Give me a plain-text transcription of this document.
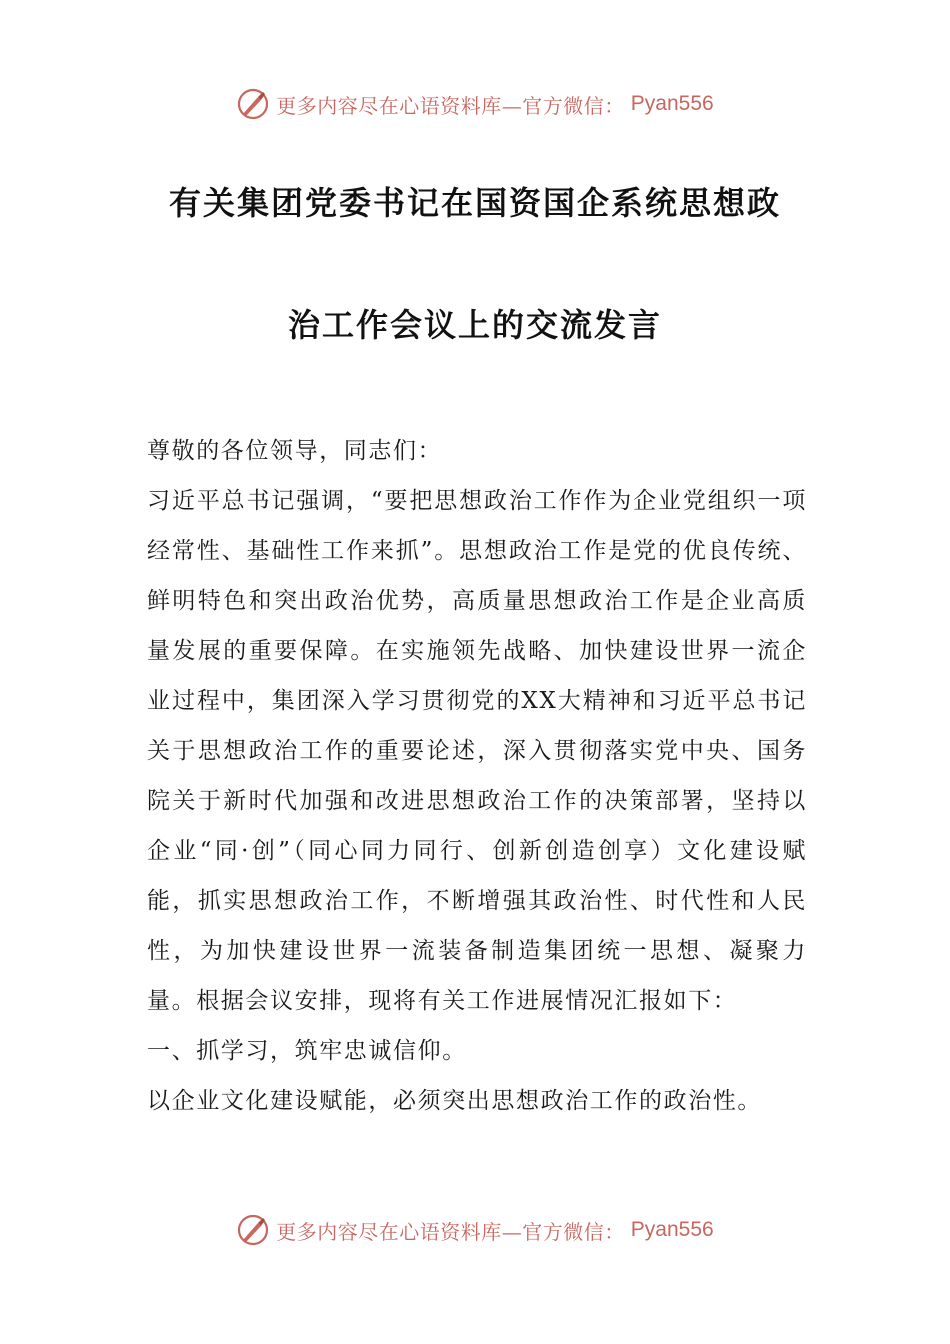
更多内容尽在心语资料库—官方微信： Pyan556
有关集团党委书记在国资国企系统思想政
治工作会议上的交流发言

尊敬的各位领导，同志们：

习近平总书记强调，“要把思想政治工作作为企业党组织一项经常性、基础性工作来抓”。思想政治工作是党的优良传统、鲜明特色和突出政治优势，高质量思想政治工作是企业高质量发展的重要保障。在实施领先战略、加快建设世界一流企业过程中，集团深入学习贯彻党的XX大精神和习近平总书记关于思想政治工作的重要论述，深入贯彻落实党中央、国务院关于新时代加强和改进思想政治工作的决策部署，坚持以企业“同·创”（同心同力同行、创新创造创享）文化建设赋能，抓实思想政治工作，不断增强其政治性、时代性和人民性，为加快建设世界一流装备制造集团统一思想、凝聚力量。根据会议安排，现将有关工作进展情况汇报如下：

一、抓学习，筑牢忠诚信仰。

以企业文化建设赋能，必须突出思想政治工作的政治性。

更多内容尽在心语资料库—官方微信： Pyan556
